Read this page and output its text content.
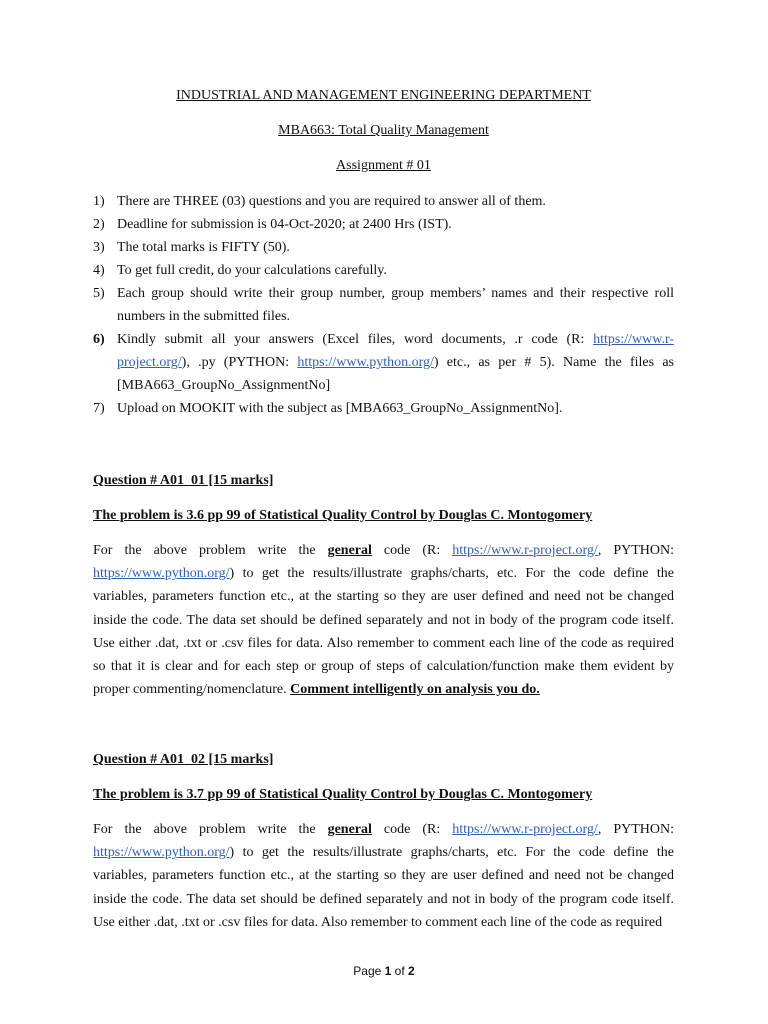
INDUSTRIAL AND MANAGEMENT ENGINEERING DEPARTMENT
MBA663: Total Quality Management
Assignment # 01
1) There are THREE (03) questions and you are required to answer all of them.
2) Deadline for submission is 04-Oct-2020; at 2400 Hrs (IST).
3) The total marks is FIFTY (50).
4) To get full credit, do your calculations carefully.
5) Each group should write their group number, group members’ names and their respective roll numbers in the submitted files.
6) Kindly submit all your answers (Excel files, word documents, .r code (R: https://www.r-project.org/), .py (PYTHON: https://www.python.org/) etc., as per # 5). Name the files as [MBA663_GroupNo_AssignmentNo]
7) Upload on MOOKIT with the subject as [MBA663_GroupNo_AssignmentNo].
Question # A01_01 [15 marks]
The problem is 3.6 pp 99 of Statistical Quality Control by Douglas C. Montogomery

For the above problem write the general code (R: https://www.r-project.org/, PYTHON: https://www.python.org/) to get the results/illustrate graphs/charts, etc. For the code define the variables, parameters function etc., at the starting so they are user defined and need not be changed inside the code. The data set should be defined separately and not in body of the program code itself. Use either .dat, .txt or .csv files for data. Also remember to comment each line of the code as required so that it is clear and for each step or group of steps of calculation/function make them evident by proper commenting/nomenclature. Comment intelligently on analysis you do.

Question # A01_02 [15 marks]
The problem is 3.7 pp 99 of Statistical Quality Control by Douglas C. Montogomery

For the above problem write the general code (R: https://www.r-project.org/, PYTHON: https://www.python.org/) to get the results/illustrate graphs/charts, etc. For the code define the variables, parameters function etc., at the starting so they are user defined and need not be changed inside the code. The data set should be defined separately and not in body of the program code itself. Use either .dat, .txt or .csv files for data. Also remember to comment each line of the code as required

Page 1 of 2
